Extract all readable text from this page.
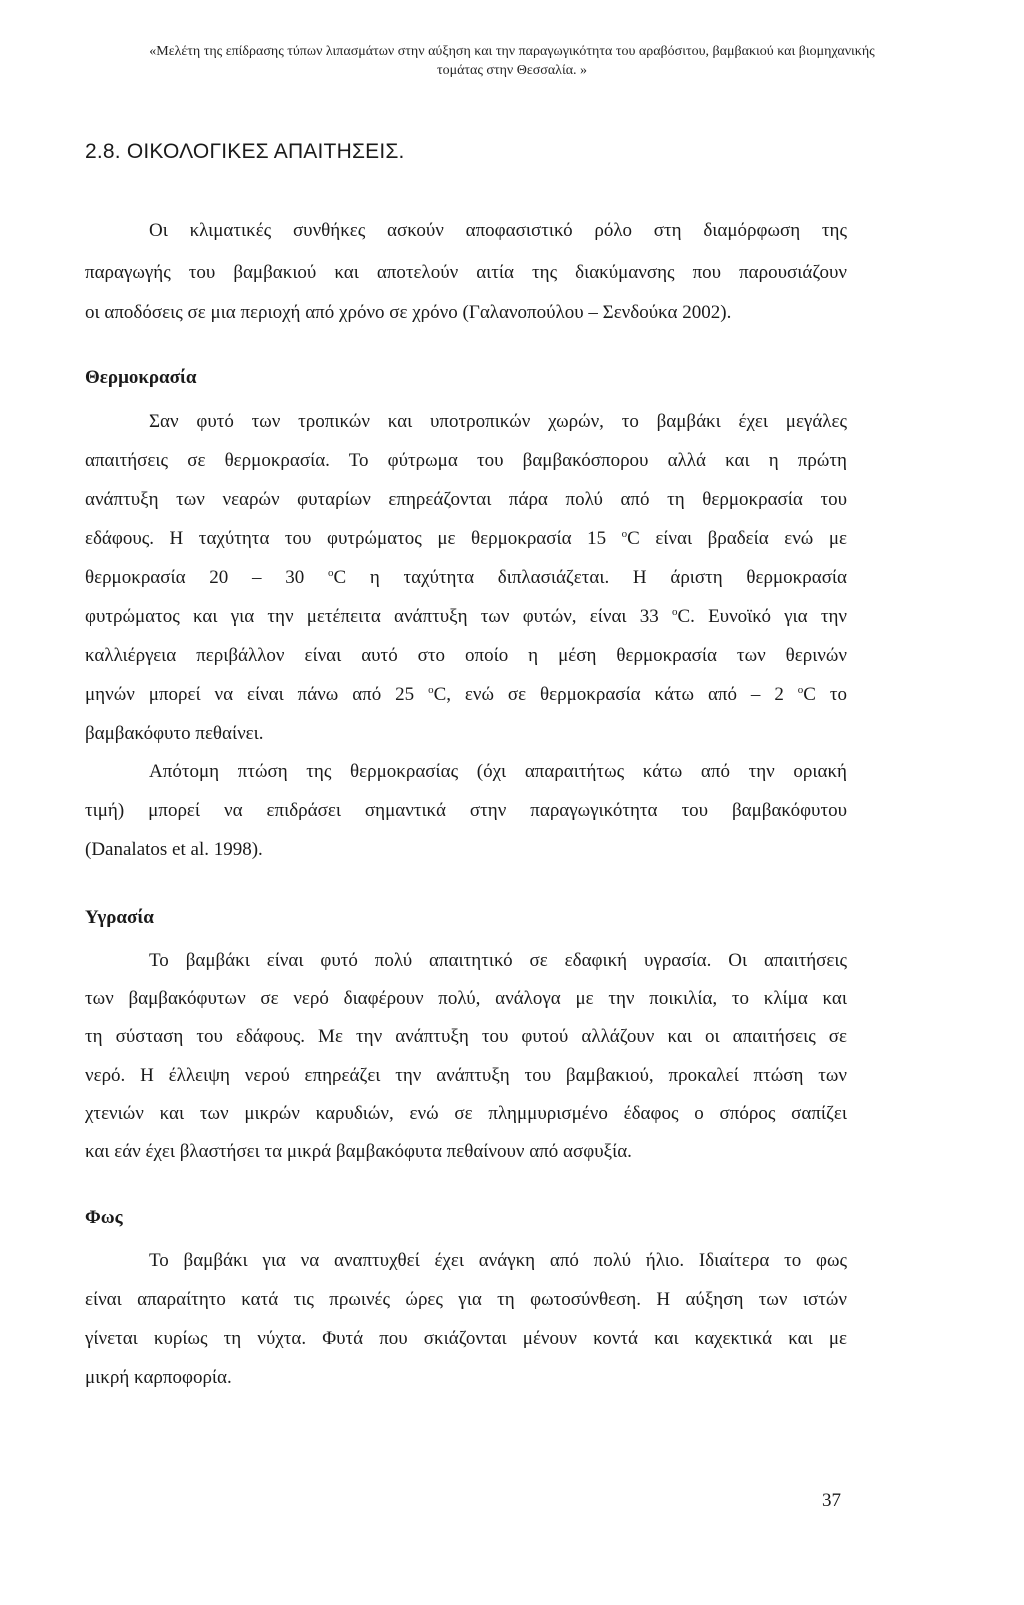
«Μελέτη της επίδρασης τύπων λιπασμάτων στην αύξηση και την παραγωγικότητα του αραβόσιτου, βαμβακιού και βιομηχανικής
τομάτας στην Θεσσαλία. »
2.8. ΟΙΚΟΛΟΓΙΚΕΣ ΑΠΑΙΤΗΣΕΙΣ.
Οι κλιματικές συνθήκες ασκούν αποφασιστικό ρόλο στη διαμόρφωση της
παραγωγής του βαμβακιού και αποτελούν αιτία της διακύμανσης που παρουσιάζουν
οι αποδόσεις σε μια περιοχή από χρόνο σε χρόνο (Γαλανοπούλου – Σενδούκα 2002).
Θερμοκρασία
Σαν φυτό των τροπικών και υποτροπικών χωρών, το βαμβάκι έχει μεγάλες
απαιτήσεις σε θερμοκρασία. Το φύτρωμα του βαμβακόσπορου αλλά και η πρώτη
ανάπτυξη των νεαρών φυταρίων επηρεάζονται πάρα πολύ από τη θερμοκρασία του
εδάφους. Η ταχύτητα του φυτρώματος με θερμοκρασία 15 $^o$C είναι βραδεία ενώ με
θερμοκρασία 20 – 30 $^o$C η ταχύτητα διπλασιάζεται. Η άριστη θερμοκρασία
φυτρώματος και για την μετέπειτα ανάπτυξη των φυτών, είναι 33 $^o$C. Ευνοϊκό για την
καλλιέργεια περιβάλλον είναι αυτό στο οποίο η μέση θερμοκρασία των θερινών
μηνών μπορεί να είναι πάνω από 25 $^o$C, ενώ σε θερμοκρασία κάτω από – 2 $^o$C το
βαμβακόφυτο πεθαίνει.
Απότομη πτώση της θερμοκρασίας (όχι απαραιτήτως κάτω από την οριακή
τιμή) μπορεί να επιδράσει σημαντικά στην παραγωγικότητα του βαμβακόφυτου
(Danalatos et al. 1998).
Υγρασία
Το βαμβάκι είναι φυτό πολύ απαιτητικό σε εδαφική υγρασία. Οι απαιτήσεις
των βαμβακόφυτων σε νερό διαφέρουν πολύ, ανάλογα με την ποικιλία, το κλίμα και
τη σύσταση του εδάφους. Με την ανάπτυξη του φυτού αλλάζουν και οι απαιτήσεις σε
νερό. Η έλλειψη νερού επηρεάζει την ανάπτυξη του βαμβακιού, προκαλεί πτώση των
χτενιών και των μικρών καρυδιών, ενώ σε πλημμυρισμένο έδαφος ο σπόρος σαπίζει
και εάν έχει βλαστήσει τα μικρά βαμβακόφυτα πεθαίνουν από ασφυξία.
Φως
Το βαμβάκι για να αναπτυχθεί έχει ανάγκη από πολύ ήλιο. Ιδιαίτερα το φως
είναι απαραίτητο κατά τις πρωινές ώρες για τη φωτοσύνθεση. Η αύξηση των ιστών
γίνεται κυρίως τη νύχτα. Φυτά που σκιάζονται μένουν κοντά και καχεκτικά και με
μικρή καρποφορία.
37
